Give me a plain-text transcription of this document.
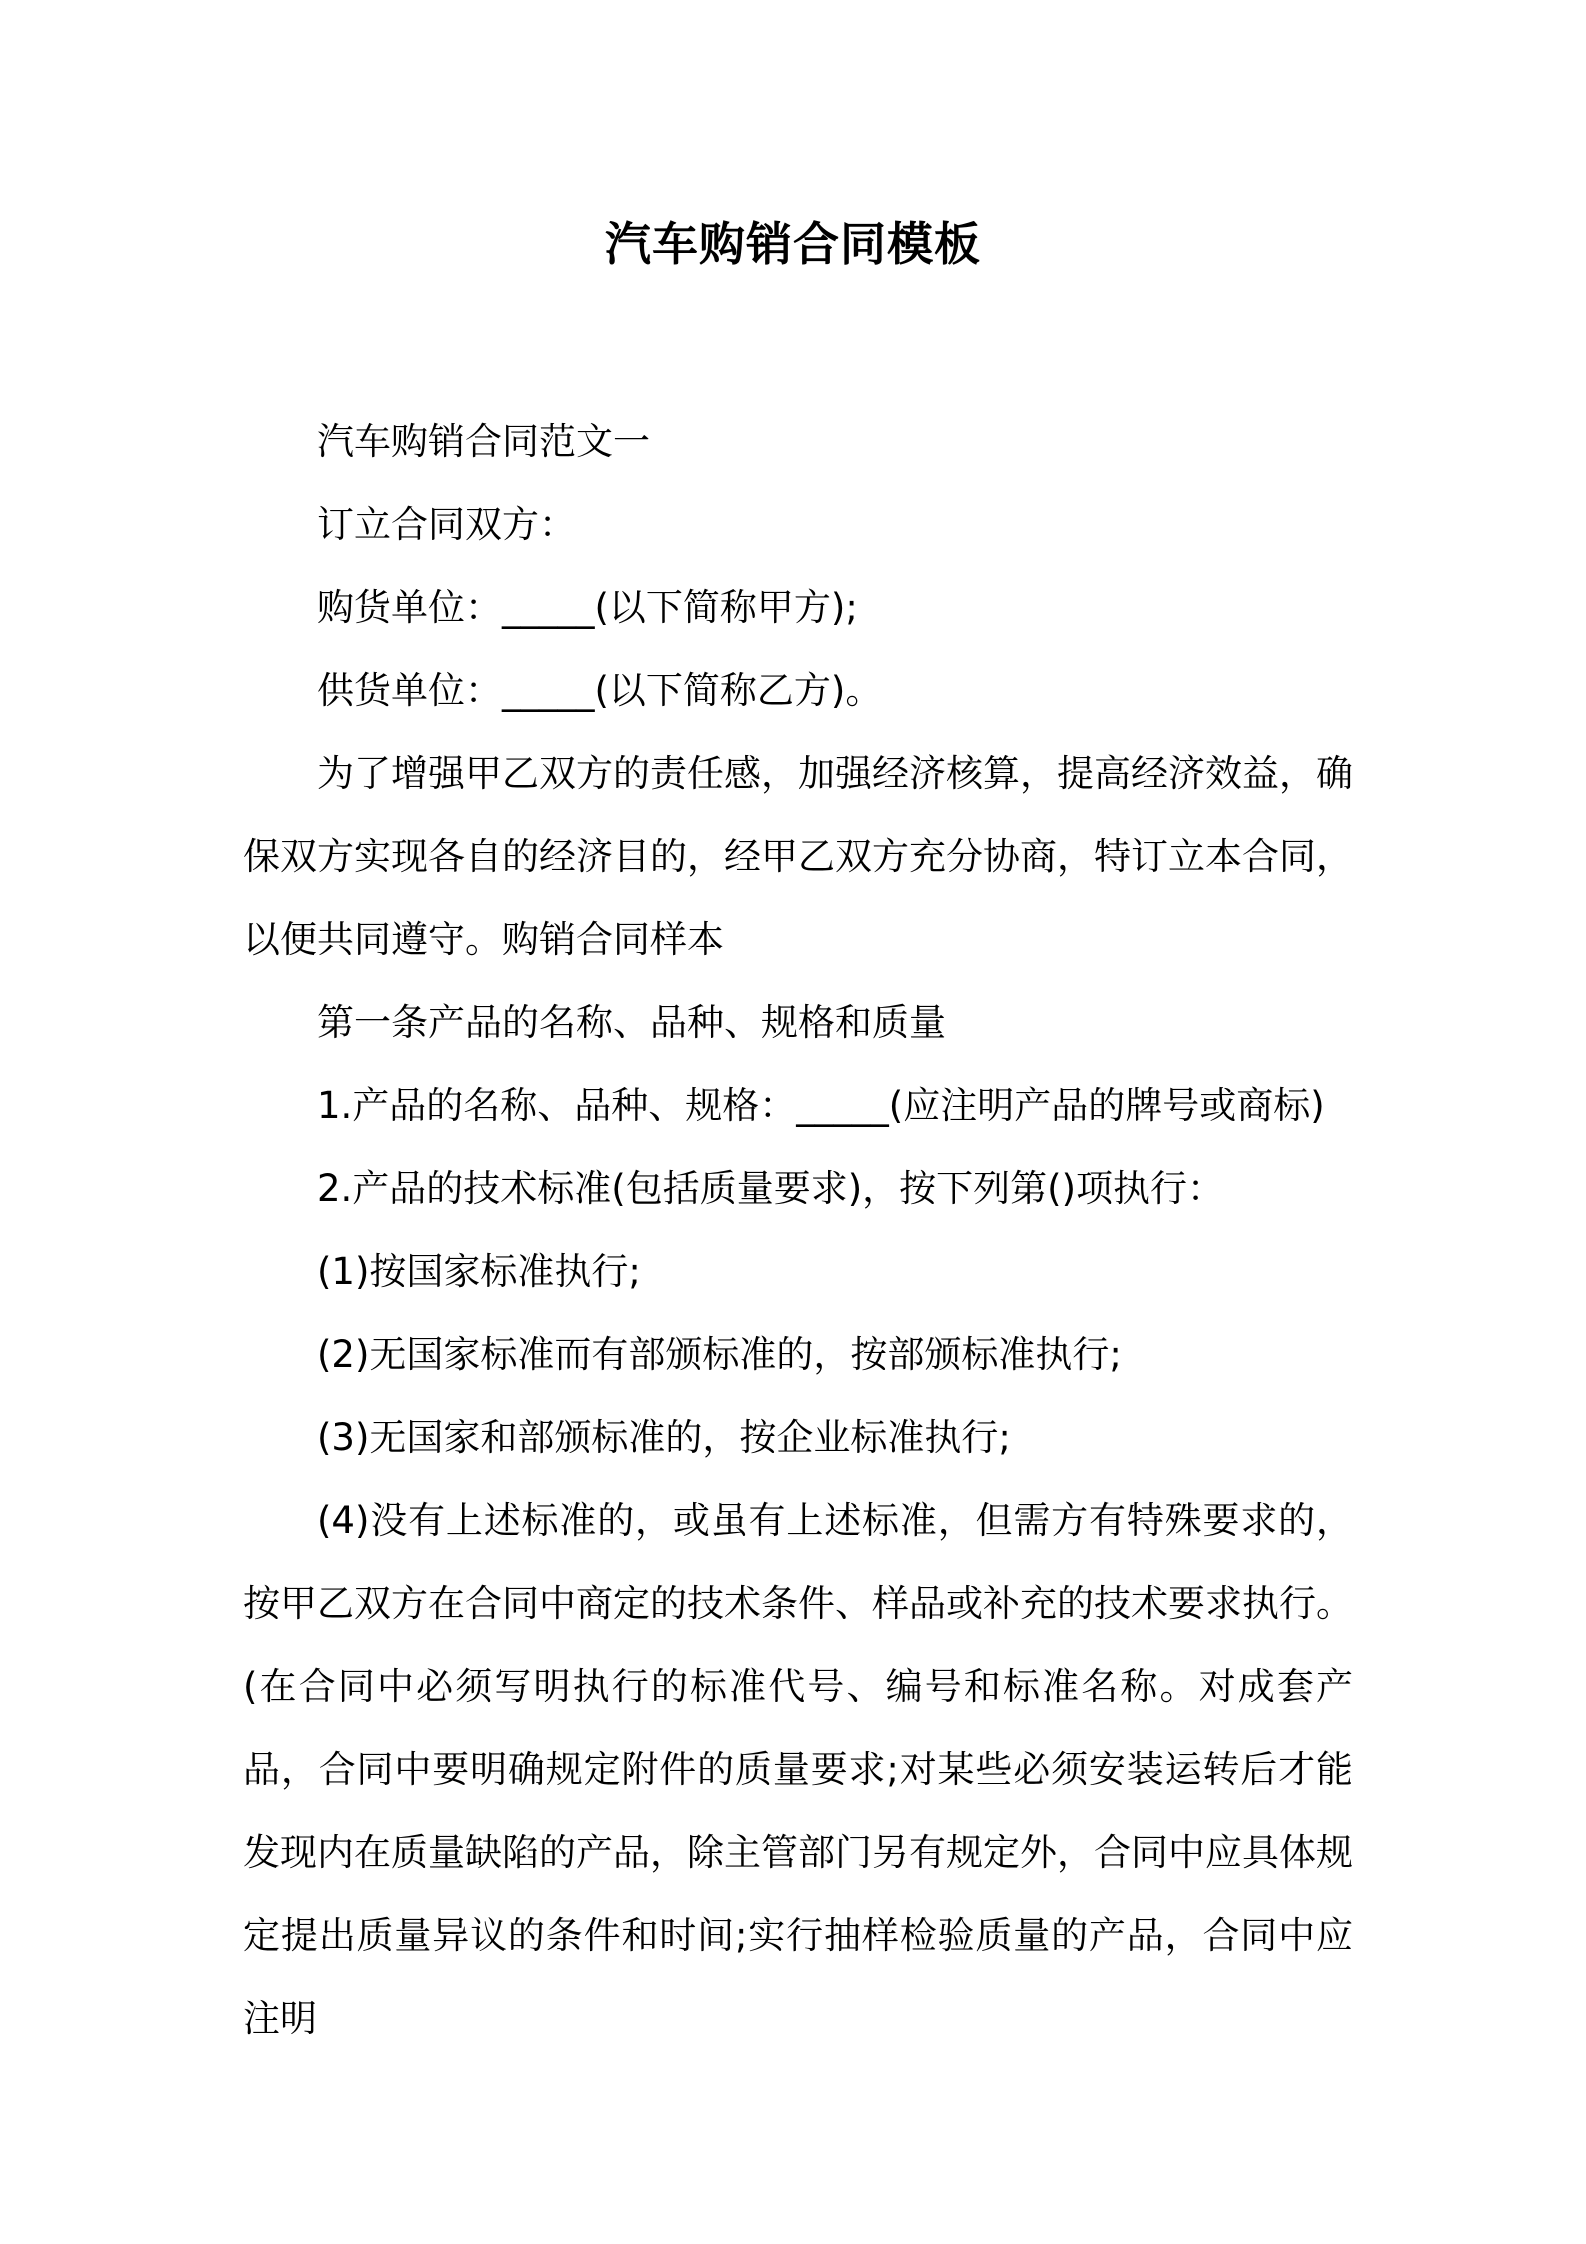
汽车购销合同模板

汽车购销合同范文一

订立合同双方：

购货单位：_____(以下简称甲方);

供货单位：_____(以下简称乙方)。

为了增强甲乙双方的责任感，加强经济核算，提高经济效益，确保双方实现各自的经济目的，经甲乙双方充分协商，特订立本合同，以便共同遵守。购销合同样本

第一条产品的名称、品种、规格和质量

1.产品的名称、品种、规格：_____(应注明产品的牌号或商标)

2.产品的技术标准(包括质量要求)，按下列第()项执行：

(1)按国家标准执行;

(2)无国家标准而有部颁标准的，按部颁标准执行;

(3)无国家和部颁标准的，按企业标准执行;

(4)没有上述标准的，或虽有上述标准，但需方有特殊要求的，按甲乙双方在合同中商定的技术条件、样品或补充的技术要求执行。(在合同中必须写明执行的标准代号、编号和标准名称。对成套产品，合同中要明确规定附件的质量要求;对某些必须安装运转后才能发现内在质量缺陷的产品，除主管部门另有规定外，合同中应具体规定提出质量异议的条件和时间;实行抽样检验质量的产品，合同中应注明
